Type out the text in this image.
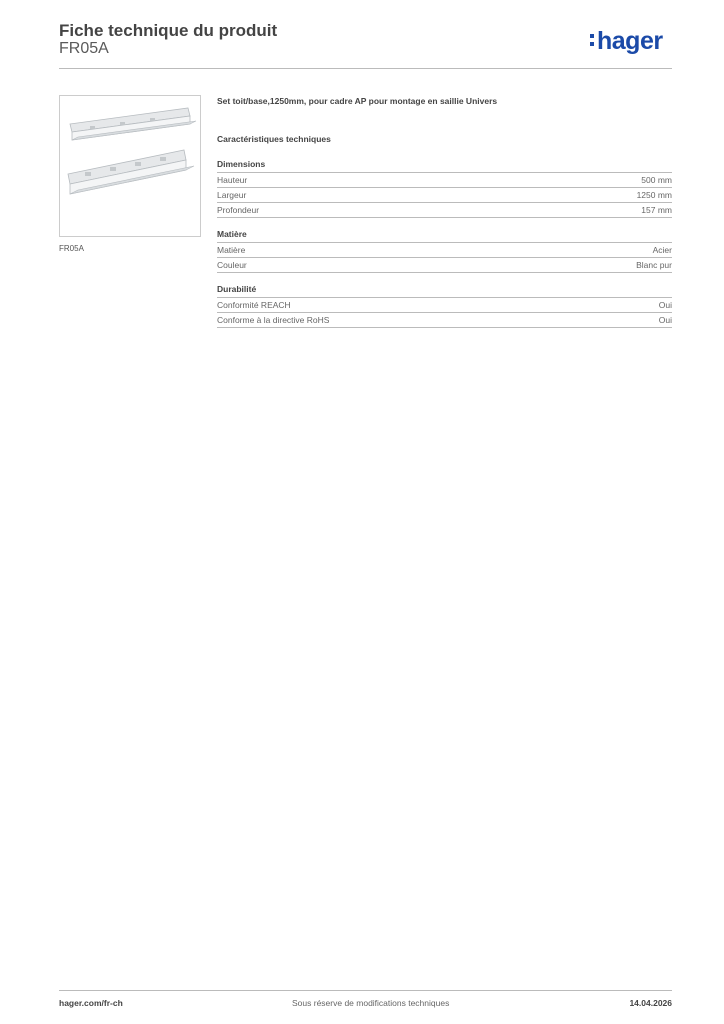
Fiche technique du produit
FR05A	hager
FR05A
Set toit/base,1250mm, pour cadre AP pour montage en saillie Univers
Caractéristiques techniques
Dimensions
Hauteur	500 mm
Largeur	1250 mm
Profondeur	157 mm
Matière
Matière	Acier
Couleur	Blanc pur
Durabilité
Conformité REACH	Oui
Conforme à la directive RoHS	Oui
hager.com/fr-ch	Sous réserve de modifications techniques	14.04.2026
